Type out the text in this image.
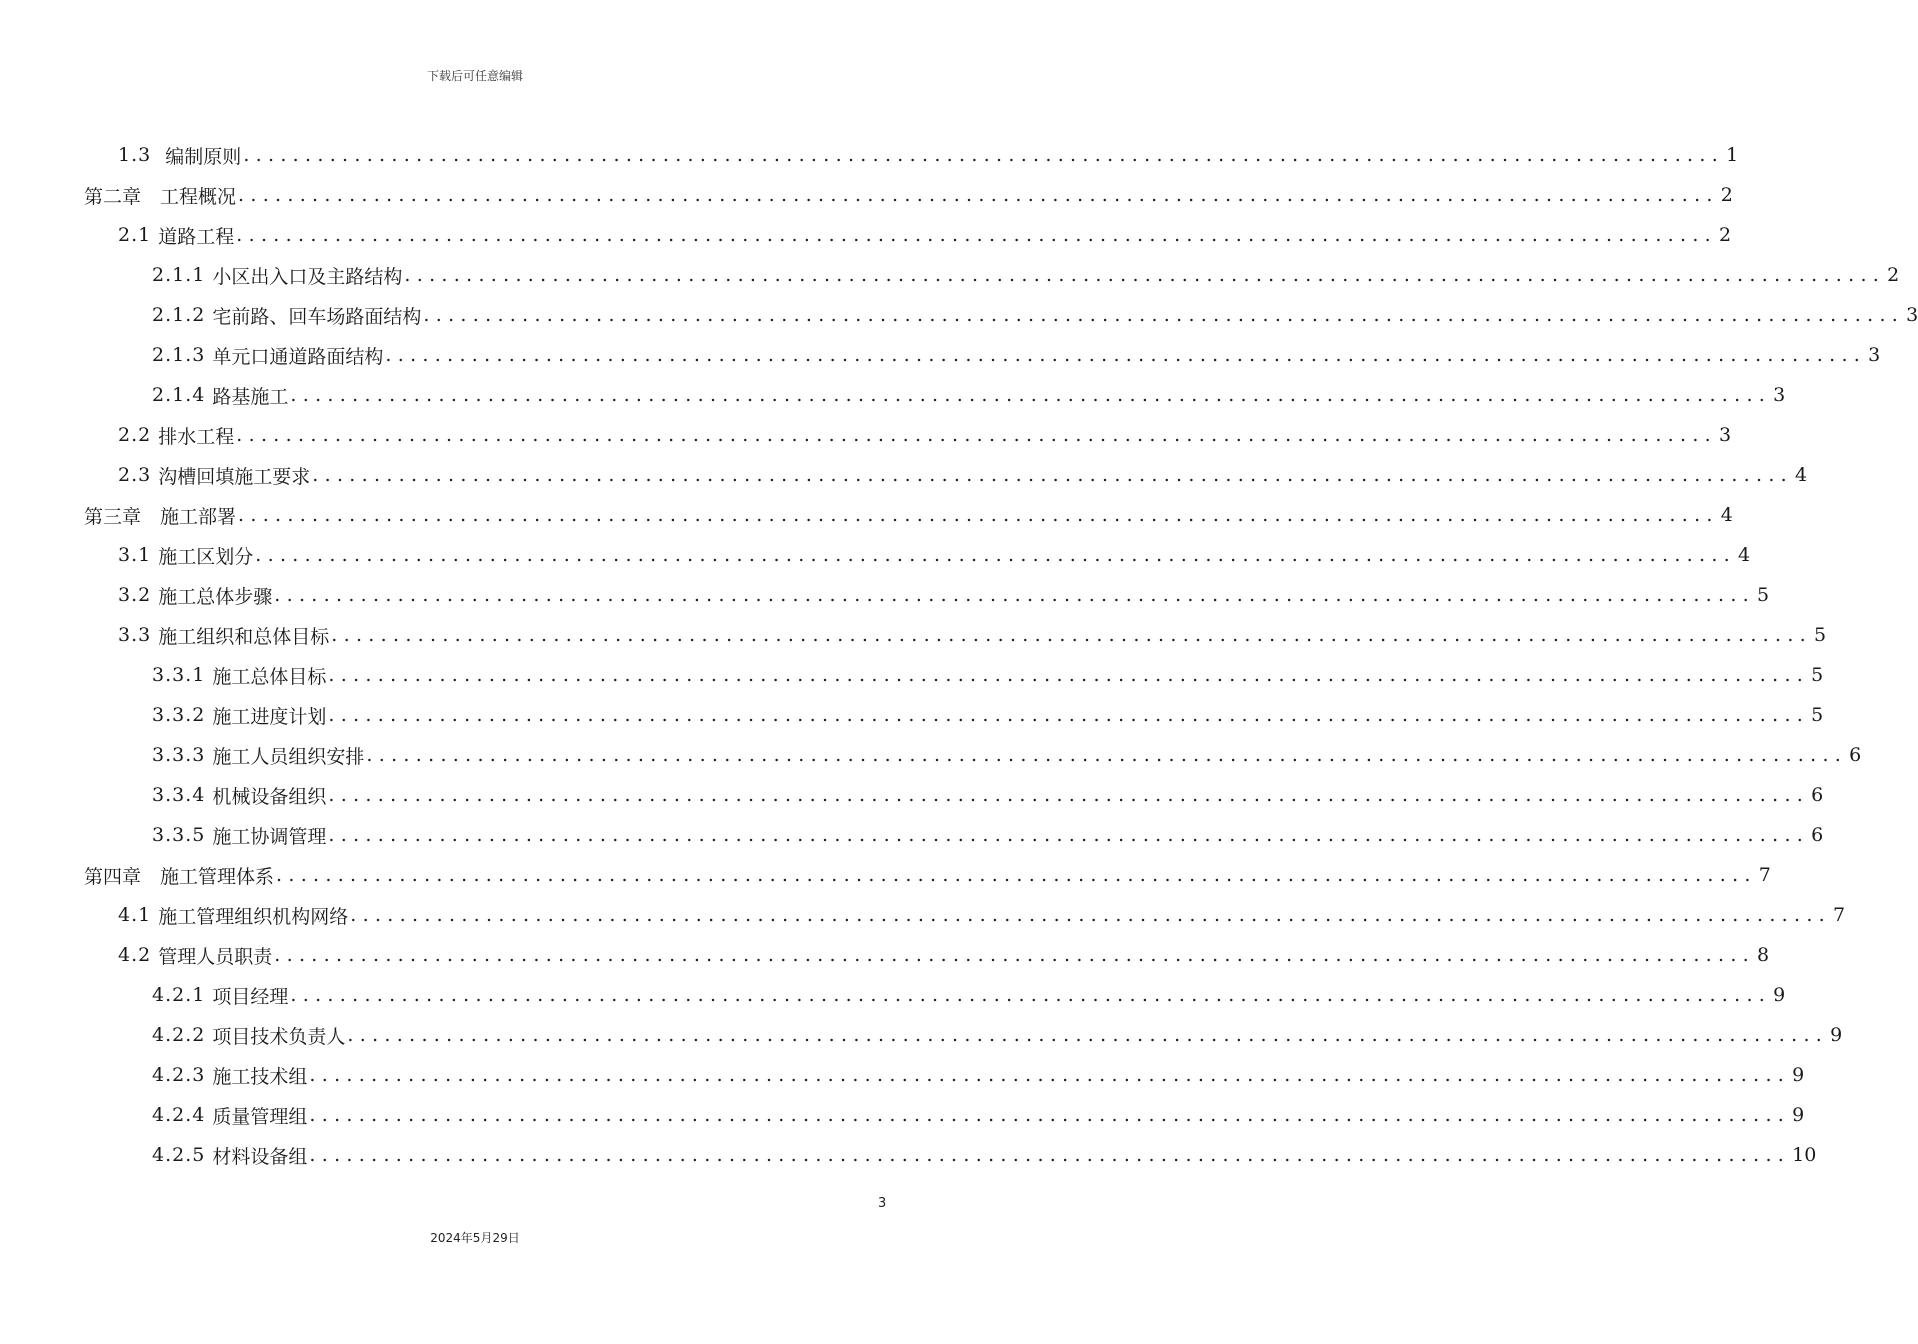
下载后可任意编辑
1.3 编制原则 ........................................................................................................................ 1
第二章　工程概况 ........................................................................................................................ 2
2.1 道路工程 ........................................................................................................................ 2
2.1.1 小区出入口及主路结构 ........................................................................................................................ 2
2.1.2 宅前路、回车场路面结构 ........................................................................................................................ 3
2.1.3 单元口通道路面结构 ........................................................................................................................ 3
2.1.4 路基施工 ........................................................................................................................ 3
2.2 排水工程 ........................................................................................................................ 3
2.3 沟槽回填施工要求 ........................................................................................................................ 4
第三章　施工部署 ........................................................................................................................ 4
3.1 施工区划分 ........................................................................................................................ 4
3.2 施工总体步骤 ........................................................................................................................ 5
3.3 施工组织和总体目标 ........................................................................................................................ 5
3.3.1 施工总体目标 ........................................................................................................................ 5
3.3.2 施工进度计划 ........................................................................................................................ 5
3.3.3 施工人员组织安排 ........................................................................................................................ 6
3.3.4 机械设备组织 ........................................................................................................................ 6
3.3.5 施工协调管理 ........................................................................................................................ 6
第四章　施工管理体系 ........................................................................................................................ 7
4.1 施工管理组织机构网络 ........................................................................................................................ 7
4.2 管理人员职责 ........................................................................................................................ 8
4.2.1 项目经理 ........................................................................................................................ 9
4.2.2 项目技术负责人 ........................................................................................................................ 9
4.2.3 施工技术组 ........................................................................................................................ 9
4.2.4 质量管理组 ........................................................................................................................ 9
4.2.5 材料设备组 ........................................................................................................................ 10
3
2024年5月29日
